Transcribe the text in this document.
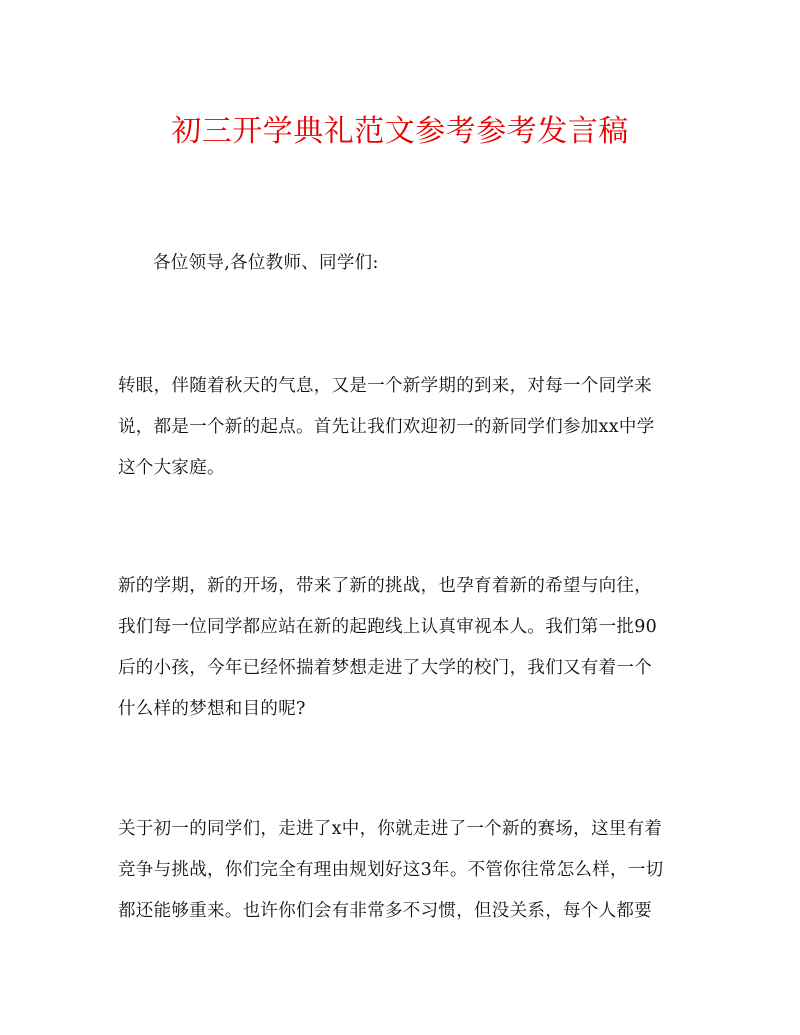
初三开学典礼范文参考参考发言稿

各位领导,各位教师、同学们:

转眼，伴随着秋天的气息，又是一个新学期的到来，对每一个同学来
说，都是一个新的起点。首先让我们欢迎初一的新同学们参加xx中学
这个大家庭。
新的学期，新的开场，带来了新的挑战，也孕育着新的希望与向往，
我们每一位同学都应站在新的起跑线上认真审视本人。我们第一批90
后的小孩，今年已经怀揣着梦想走进了大学的校门，我们又有着一个
什么样的梦想和目的呢?
关于初一的同学们，走进了x中，你就走进了一个新的赛场，这里有着
竞争与挑战，你们完全有理由规划好这3年。不管你往常怎么样，一切
都还能够重来。也许你们会有非常多不习惯，但没关系，每个人都要
